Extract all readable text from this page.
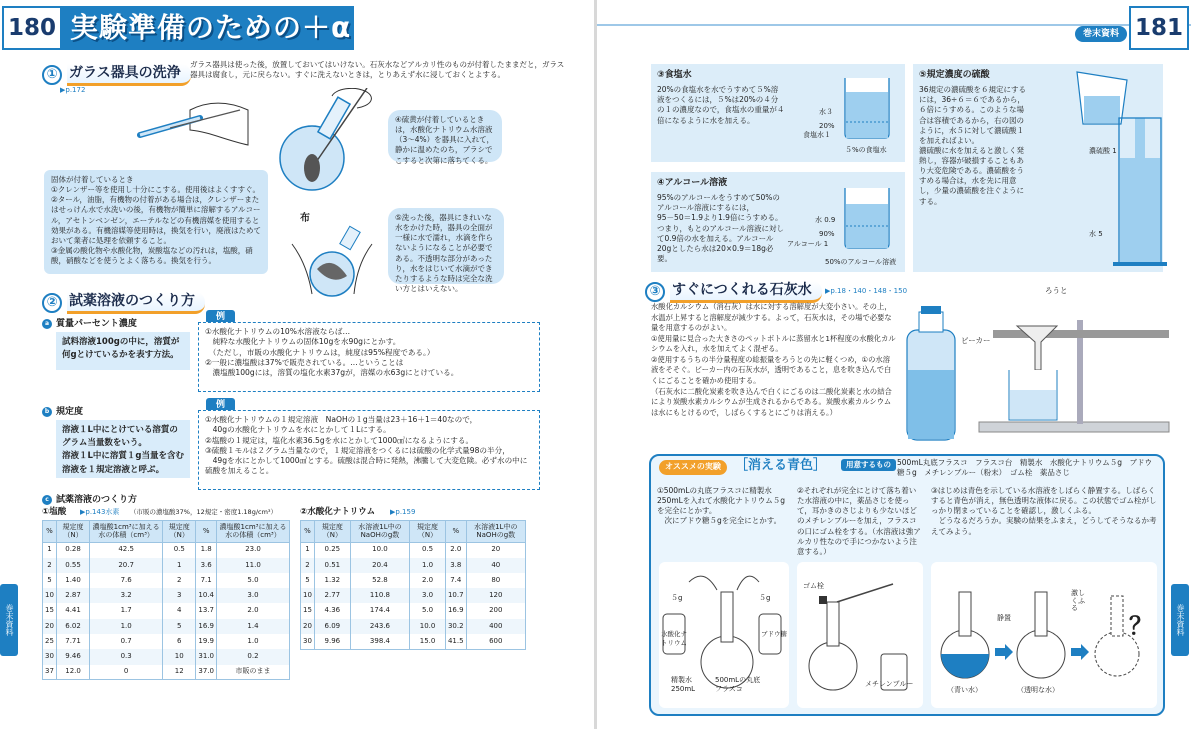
180 実験準備のための＋α
① ガラス器具の洗浄
▶p.172
ガラス器具は使った後，放置しておいてはいけない。石灰水などアルカリ性のものが付着したままだと，ガラス器具は腐食し，元に戻らない。すぐに洗えないときは，とりあえず水に浸しておくとよする。
固体が付着しているとき
①クレンザー等を使用し十分にこする。使用後はよくすすぐ。
②タール，油脂，有機物の付着がある場合は，クレンザーまたはせっけん水で水洗いの後，有機物が簡単に溶解するアルコール，アセトンベンゼン，エーテルなどの有機溶媒を使用すると効果がある。有機溶媒等使用時は，換気を行い，廃液はためておいて業者に処理を依頼すること。
③金属の酸化物や水酸化物，炭酸塩などの汚れは，塩酸，硝酸，硝酸などを使うとよく落ちる。換気を行う。
④硫黄が付着しているときは，水酸化ナトリウム水溶液（3～4%）を器具に入れて，静かに温めたのち，ブラシでこすると次第に落ちてくる。
布	⑤洗った後，器具にきれいな水をかけた時，器具の全面が一様に水で濡れ，水滴を作らないようになることが必要である。不透明な部分があったり，水をはじいて水滴ができたりするような時は完全な洗い方とはいえない。
② 試薬溶液のつくり方
a 質量パーセント濃度
試料溶液100gの中に，溶質が何gとけているかを表す方法。
例
①水酸化ナトリウムの10%水溶液ならば…
　純粋な水酸化ナトリウムの固体10gを水90gにとかす。
　（ただし，市販の水酸化ナトリウムは，純度は95%程度である。）
②一般に濃塩酸は37%で販売されている。…ということは
　濃塩酸100gには，溶質の塩化水素37gが，溶媒の水63gにとけている。
b 規定度
溶液１L中にとけている溶質のグラム当量数をいう。
溶液１L中に溶質１g当量を含む溶液を１規定溶液と呼ぶ。
例
①水酸化ナトリウムの１規定溶液　NaOHの１g当量は23＋16＋1＝40なので，
　40gの水酸化ナトリウムを水にとかして１Lにする。
②塩酸の１規定は，塩化水素36.5gを水にとかして1000㎤になるようにする。
③硫酸１モルは２グラム当量なので，１規定溶液をつくるには硫酸の化学式量98の半分，
　49gを水にとかして1000㎤とする。硫酸は混合時に発熱，沸騰して大変危険。必ず水の中に硫酸を加えること。
c 試薬溶液のつくり方
①塩酸 ▶p.143水素 （市販の濃塩酸37%，12規定・密度1.18g/cm³）
%	規定度（N）	濃塩酸1cm³に加える水の体積（cm³）	規定度（N）	%	濃塩酸1cm³に加える水の体積（cm³）
1	0.28	42.5	0.5	1.8	23.0
2	0.55	20.7	1	3.6	11.0
5	1.40	7.6	2	7.1	5.0
10	2.87	3.2	3	10.4	3.0
15	4.41	1.7	4	13.7	2.0
20	6.02	1.0	5	16.9	1.4
25	7.71	0.7	6	19.9	1.0
30	9.46	0.3	10	31.0	0.2
37	12.0	0	12	37.0	市販のまま
②水酸化ナトリウム ▶p.159
%	規定度（N）	水溶液1L中のNaOHのg数	規定度（N）	%	水溶液1L中のNaOHのg数
1	0.25	10.0	0.5	2.0	20
2	0.51	20.4	1.0	3.8	40
5	1.32	52.8	2.0	7.4	80
10	2.77	110.8	3.0	10.7	120
15	4.36	174.4	5.0	16.9	200
20	6.09	243.6	10.0	30.2	400
30	9.96	398.4	15.0	41.5	600
巻末資料
巻末資料 181
③食塩水
20%の食塩水を水でうすめて５%溶液をつくるには，５%は20%の４分の１の濃度なので，食塩水の重量が４倍になるように水を加える。
水３
20%
食塩水１
５%の食塩水
④アルコール溶液
95%のアルコールをうすめて50%のアルコール溶液にするには，
95－50＝1.9より1.9倍にうすめる。
つまり，もとのアルコール溶液に対して0.9倍の水を加える。アルコール20gとしたら水は20×0.9＝18g必要。
水 0.9
90%
アルコール 1
50%のアルコール溶液
⑤規定濃度の硫酸
36規定の濃硫酸を６規定にするには，36÷６＝６であるから，６倍にうすめる。このような場合は容積であるから，右の図のように，水５に対して濃硫酸１を加えればよい。
濃硫酸に水を加えると激しく発熱し，容器が破損することもあり大変危険である。濃硫酸をうすめる場合は，水を先に用意し，少量の濃硫酸を注ぐようにする。
濃硫酸 1
水 5
③ すぐにつくれる石灰水	▶p.18・140・148・150
水酸化カルシウム（消石灰）は水に対する溶解度が大変小さい。その上，水温が上昇すると溶解度が減少する。よって，石灰水は，その場で必要な量を用意するのがよい。
①使用量に見合った大きさのペットボトルに蒸留水と1杯程度の水酸化カルシウムを入れ，水を加えてよく混ぜる。
②使用するうちの半分量程度の総振量をろうとの先に軽くつめ，①の水溶液をそそぐ。ビーカー内の石灰水が，透明であること，息を吹き込んで白くにごることを確かめ使用する。
（石灰水に二酸化炭素を吹き込んで白くにごるのは二酸化炭素と水の結合により炭酸水素カルシウムが生成されるからである。炭酸水素カルシウムは水にもとけるので，しばらくするとにごりは消える。）
ろうと
ビーカー
オススメの実験	［消える青色］	用意するもの 500mL丸底フラスコ　フラスコ台　精製水　水酸化ナトリウム５g　ブドウ糖５g　メチレンブルー（粉末）　ゴム栓　薬品さじ
①500mLの丸底フラスコに精製水250mLを入れて水酸化ナトリウム５gを完全にとかす。
　次にブドウ糖５gを完全にとかす。
②それぞれが完全にとけて落ち着いた水溶液の中に，薬品さじを使って，耳かきのさじよりも少ないほどのメチレンブルーを加え，フラスコの口にゴム栓をする。（水溶液は強アルカリ性なので手につかないよう注意する。）
③はじめは青色を示している水溶液をしばらく静置する。しばらくすると青色が消え，無色透明な液体に戻る。この状態でゴム栓がしっかり閉まっていることを確認し，激しくふる。
　どうなるだろうか。実験の結果をふまえ，どうしてそうなるか考えてみよう。
５g	５g
水酸化ナトリウム
ブドウ糖
精製水 250mL
500mLの丸底フラスコ
ゴム栓
メチレンブルー
静置
激しくふる
？
（青い水）	（透明な水）
巻末資料
